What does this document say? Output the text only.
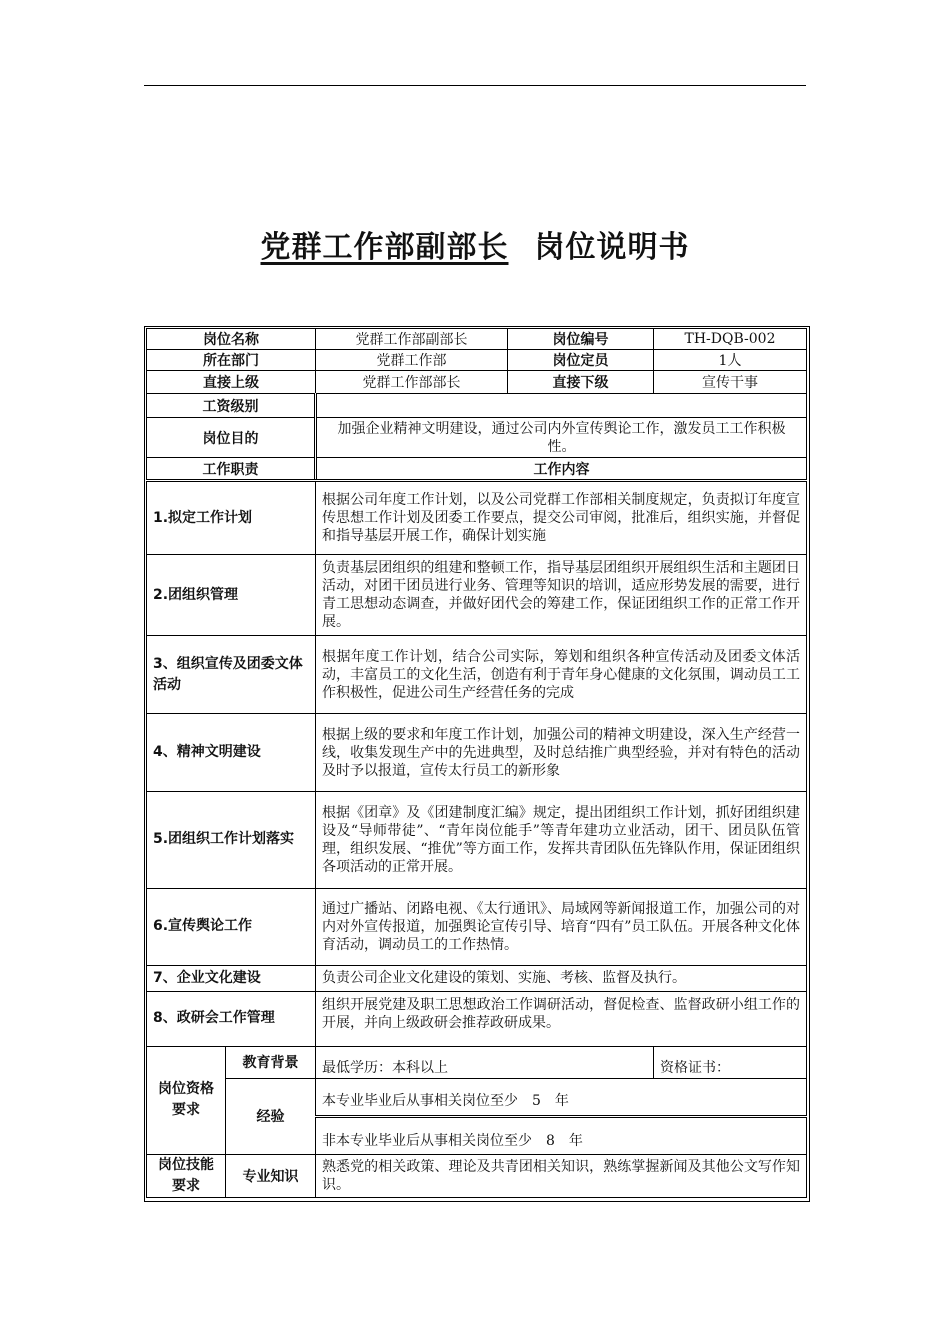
党群工作部副部长 岗位说明书
岗位名称		党群工作部副部长	岗位编号	TH-DQB-002
所在部门		党群工作部	岗位定员	1人
直接上级		党群工作部部长	直接下级	宣传干事
工资级别				
岗位目的		加强企业精神文明建设，通过公司内外宣传舆论工作，激发员工工作积极性。		
工作职责		工作内容		
1.拟定工作计划		根据公司年度工作计划，以及公司党群工作部相关制度规定，负责拟订年度宣传思想工作计划及团委工作要点，提交公司审阅，批准后，组织实施，并督促和指导基层开展工作，确保计划实施		
2.团组织管理		负责基层团组织的组建和整顿工作，指导基层团组织开展组织生活和主题团日活动，对团干团员进行业务、管理等知识的培训，适应形势发展的需要，进行青工思想动态调查，并做好团代会的筹建工作，保证团组织工作的正常工作开展。		
3、组织宣传及团委文体活动		根据年度工作计划，结合公司实际，筹划和组织各种宣传活动及团委文体活动，丰富员工的文化生活，创造有利于青年身心健康的文化氛围，调动员工工作积极性，促进公司生产经营任务的完成		
4、精神文明建设		根据上级的要求和年度工作计划，加强公司的精神文明建设，深入生产经营一线，收集发现生产中的先进典型，及时总结推广典型经验，并对有特色的活动及时予以报道，宣传太行员工的新形象		
5.团组织工作计划落实		根据《团章》及《团建制度汇编》规定，提出团组织工作计划，抓好团组织建设及“导师带徒”、“青年岗位能手”等青年建功立业活动，团干、团员队伍管理，组织发展、“推优”等方面工作，发挥共青团队伍先锋队作用，保证团组织各项活动的正常开展。		
6.宣传舆论工作		通过广播站、闭路电视、《太行通讯》、局域网等新闻报道工作，加强公司的对内对外宣传报道，加强舆论宣传引导、培育“四有”员工队伍。开展各种文化体育活动，调动员工的工作热情。		
7、企业文化建设		负责公司企业文化建设的策划、实施、考核、监督及执行。		
8、政研会工作管理		组织开展党建及职工思想政治工作调研活动，督促检查、监督政研小组工作的开展，并向上级政研会推荐政研成果。		
岗位资格要求	教育背景	最低学历：本科以上		资格证书：
	经验	本专业毕业后从事相关岗位至少　5　年		
		非本专业毕业后从事相关岗位至少　8　年		
岗位技能要求	专业知识	熟悉党的相关政策、理论及共青团相关知识，熟练掌握新闻及其他公文写作知识。		
